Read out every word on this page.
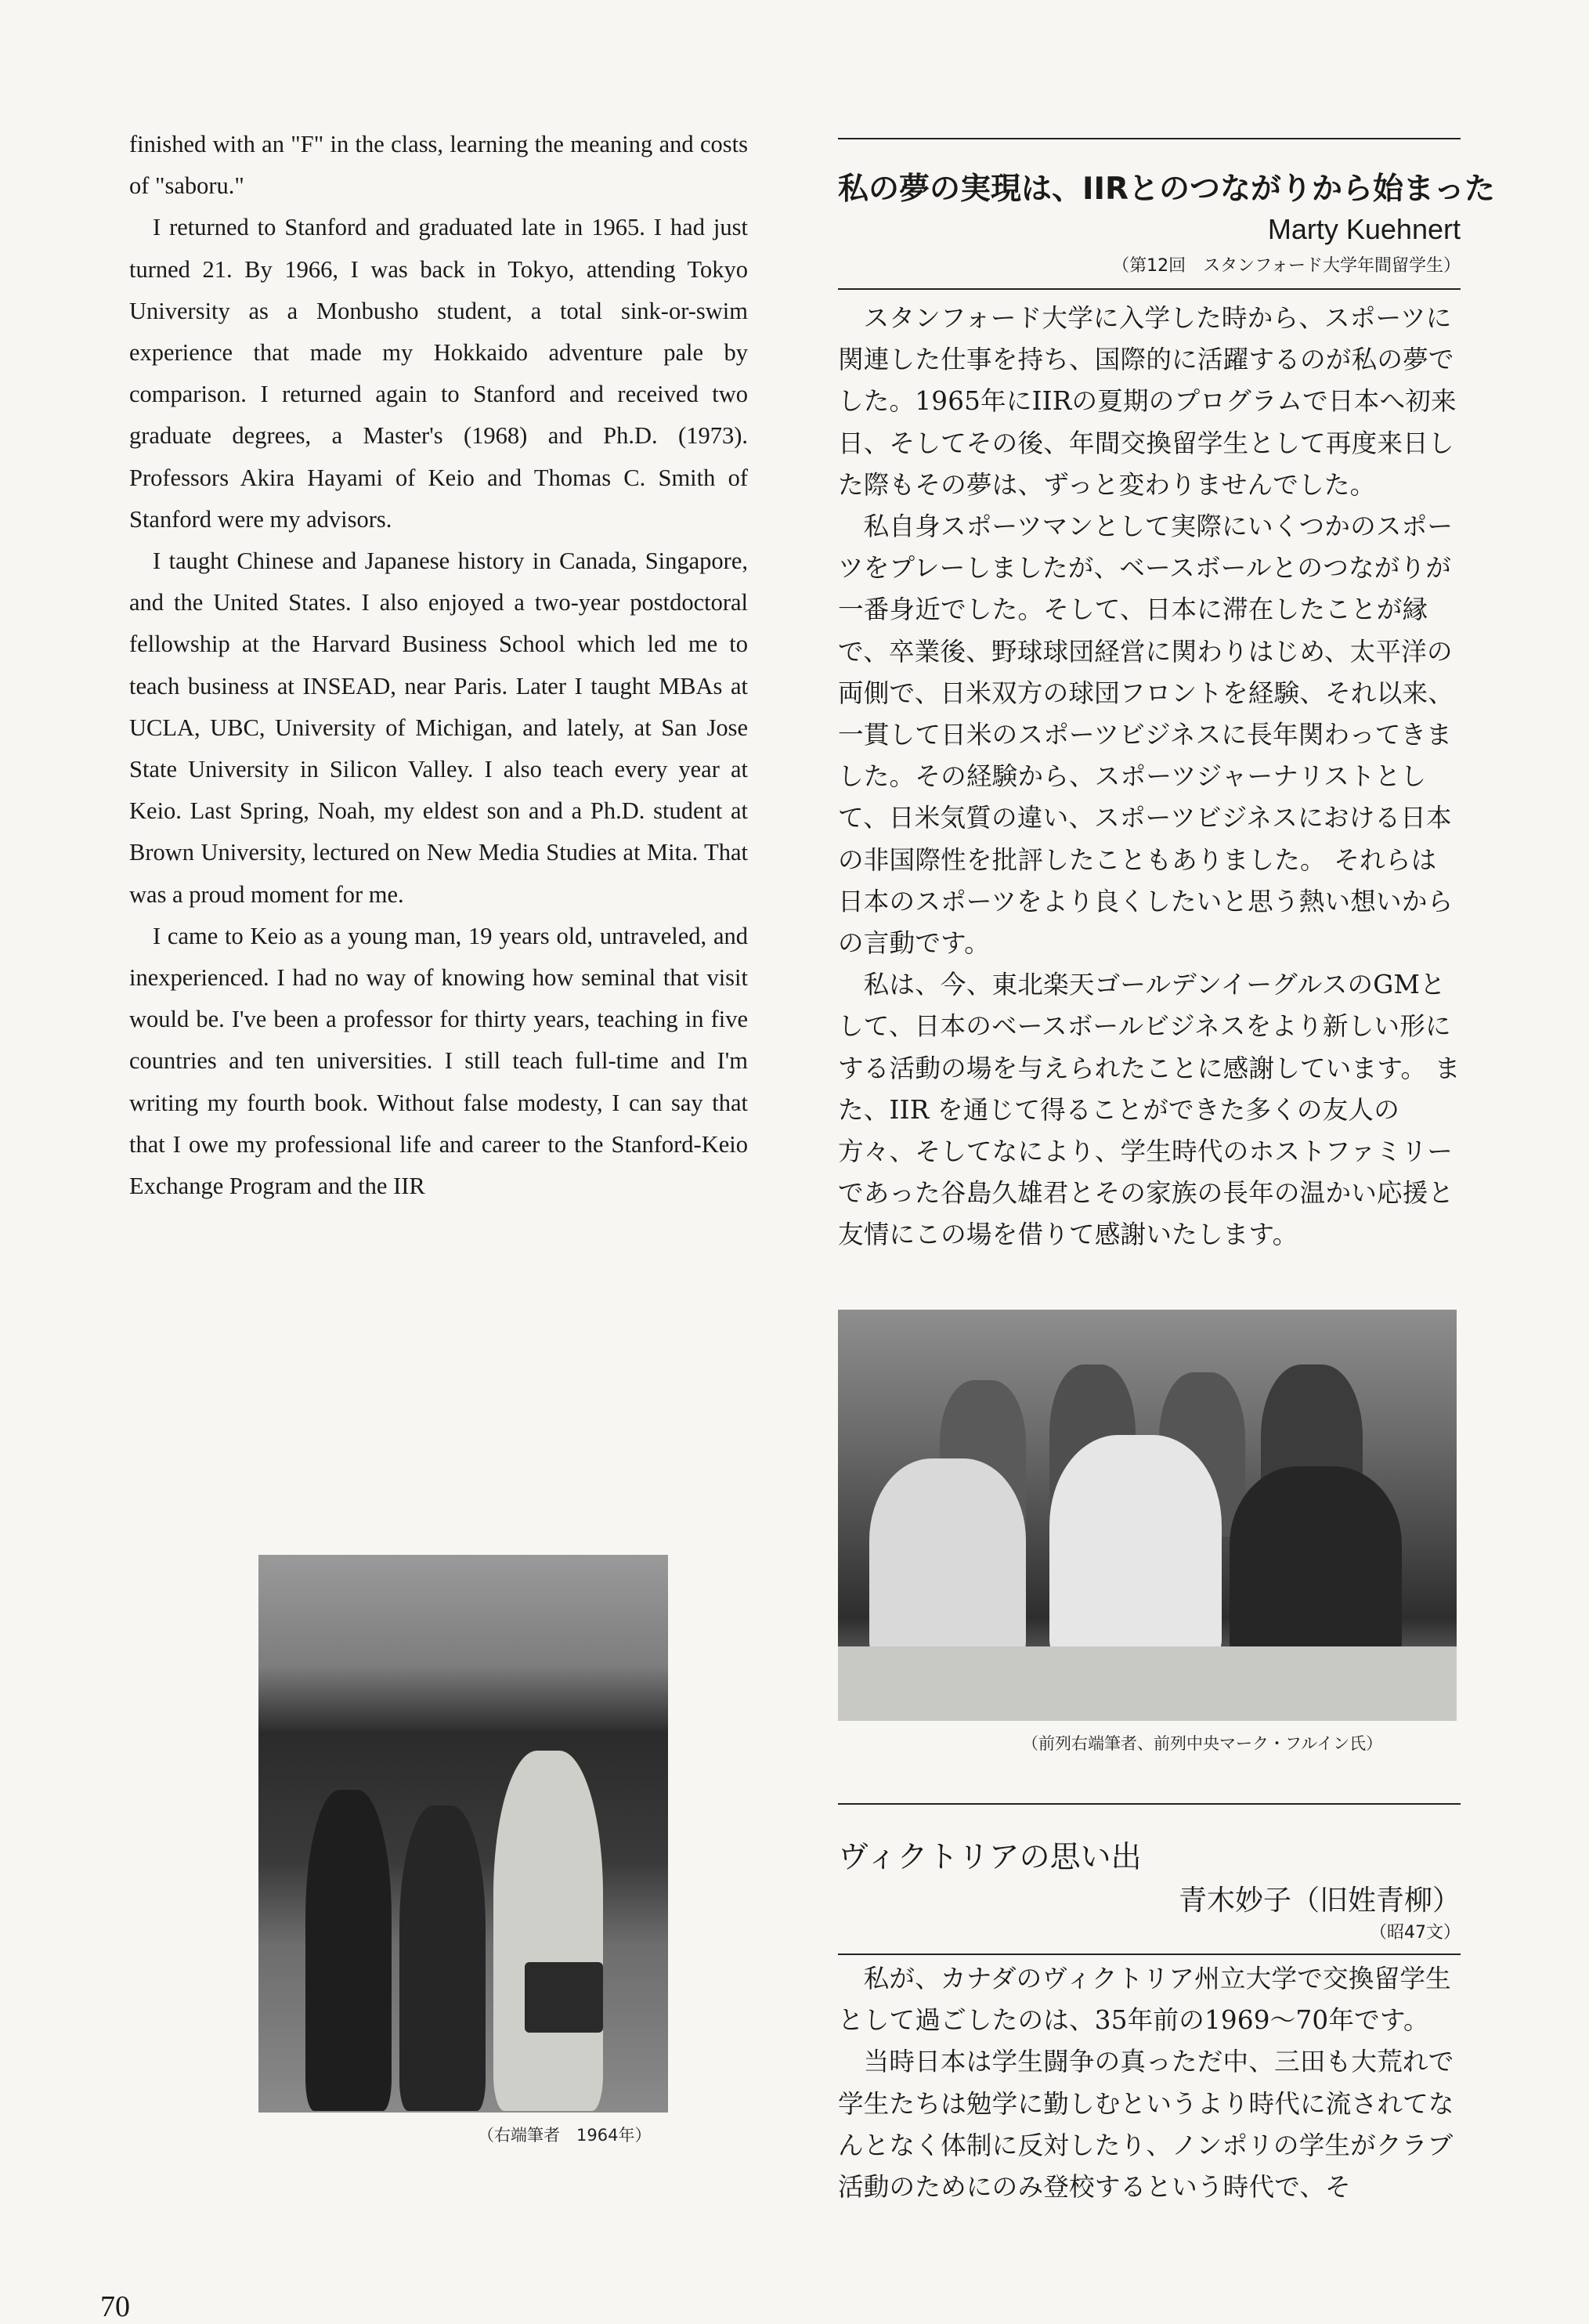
finished with an "F" in the class, learning the meaning and costs of "saboru."

I returned to Stanford and graduated late in 1965. I had just turned 21. By 1966, I was back in Tokyo, attending Tokyo University as a Monbusho student, a total sink-or-swim experience that made my Hokkaido adventure pale by comparison. I returned again to Stanford and received two graduate degrees, a Master's (1968) and Ph.D. (1973). Professors Akira Hayami of Keio and Thomas C. Smith of Stanford were my advisors.

I taught Chinese and Japanese history in Canada, Singapore, and the United States. I also enjoyed a two-year postdoctoral fellowship at the Harvard Business School which led me to teach business at INSEAD, near Paris. Later I taught MBAs at UCLA, UBC, University of Michigan, and lately, at San Jose State University in Silicon Valley. I also teach every year at Keio. Last Spring, Noah, my eldest son and a Ph.D. student at Brown University, lectured on New Media Studies at Mita. That was a proud moment for me.

I came to Keio as a young man, 19 years old, untraveled, and inexperienced. I had no way of knowing how seminal that visit would be. I've been a professor for thirty years, teaching in five countries and ten universities. I still teach full-time and I'm writing my fourth book. Without false modesty, I can say that that I owe my professional life and career to the Stanford-Keio Exchange Program and the IIR

（右端筆者　1964年）
私の夢の実現は、IIRとのつながりから始まった
Marty Kuehnert
（第12回　スタンフォード大学年間留学生）

スタンフォード大学に入学した時から、スポーツに関連した仕事を持ち、国際的に活躍するのが私の夢でした。1965年にIIRの夏期のプログラムで日本へ初来日、そしてその後、年間交換留学生として再度来日した際もその夢は、ずっと変わりませんでした。

私自身スポーツマンとして実際にいくつかのスポーツをプレーしましたが、ベースボールとのつながりが一番身近でした。そして、日本に滞在したことが縁で、卒業後、野球球団経営に関わりはじめ、太平洋の両側で、日米双方の球団フロントを経験、それ以来、一貫して日米のスポーツビジネスに長年関わってきました。その経験から、スポーツジャーナリストとして、日米気質の違い、スポーツビジネスにおける日本の非国際性を批評したこともありました。 それらは日本のスポーツをより良くしたいと思う熱い想いからの言動です。

私は、今、東北楽天ゴールデンイーグルスのGMとして、日本のベースボールビジネスをより新しい形にする活動の場を与えられたことに感謝しています。 また、IIR を通じて得ることができた多くの友人の方々、そしてなにより、学生時代のホストファミリーであった谷島久雄君とその家族の長年の温かい応援と友情にこの場を借りて感謝いたします。

（前列右端筆者、前列中央マーク・フルイン氏）
ヴィクトリアの思い出
青木妙子（旧姓青柳）
（昭47文）

私が、カナダのヴィクトリア州立大学で交換留学生として過ごしたのは、35年前の1969〜70年です。

当時日本は学生闘争の真っただ中、三田も大荒れで学生たちは勉学に勤しむというより時代に流されてなんとなく体制に反対したり、ノンポリの学生がクラブ活動のためにのみ登校するという時代で、そ

70
